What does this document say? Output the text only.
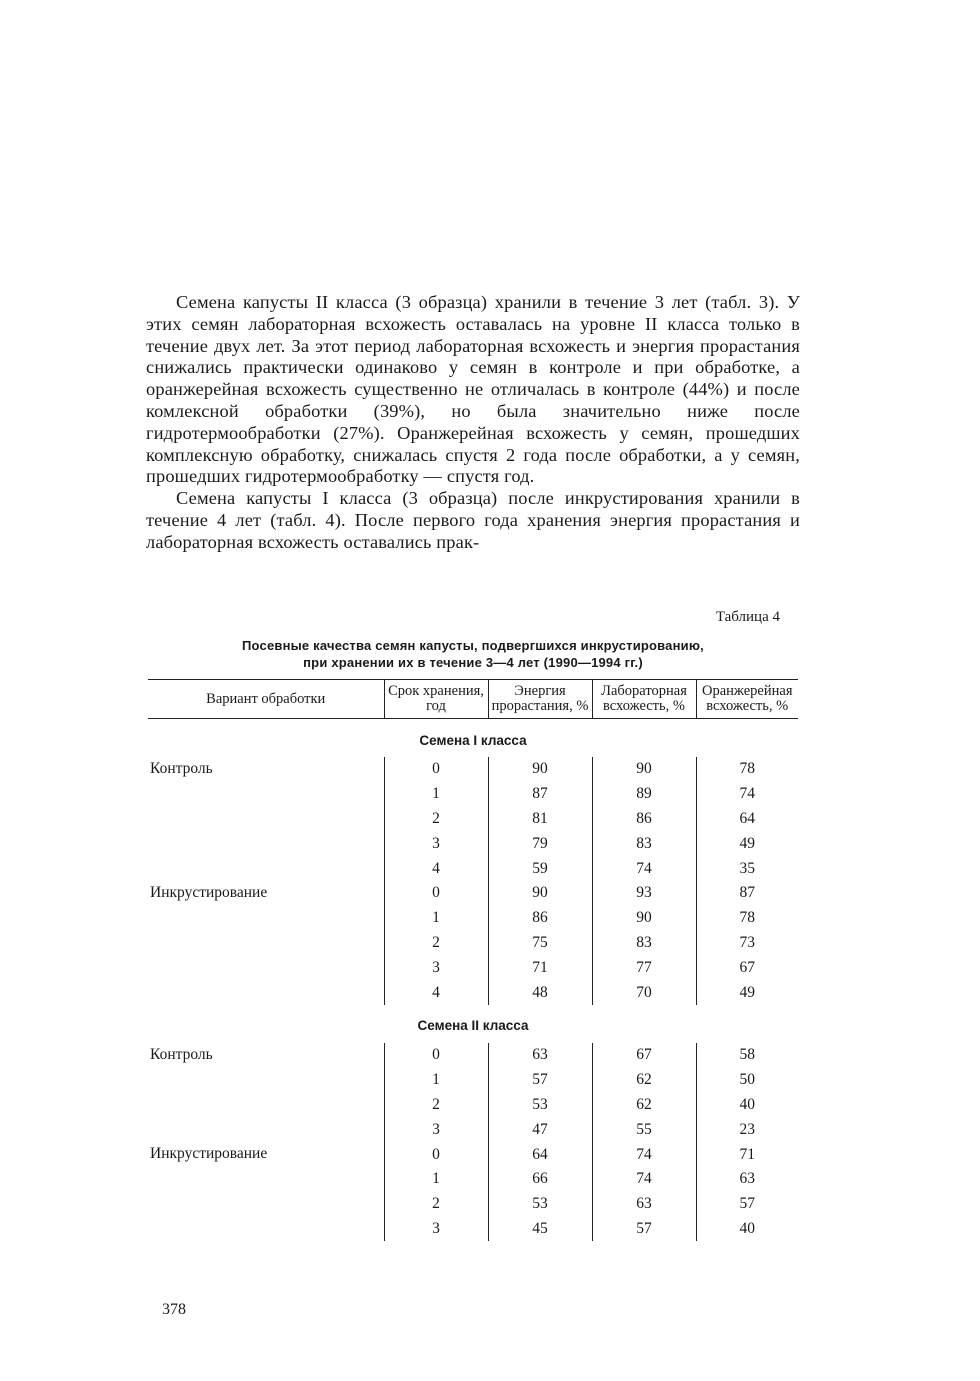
Семена капусты II класса (3 образца) хранили в течение 3 лет (табл. 3). У этих семян лабораторная всхожесть оставалась на уровне II класса только в течение двух лет. За этот период лабораторная всхожесть и энергия прорастания снижались практически одинаково у семян в контроле и при обработке, а оранжерейная всхожесть существенно не отличалась в контроле (44%) и после комлексной обработки (39%), но была значительно ниже после гидротермообработки (27%). Оранжерейная всхожесть у семян, прошедших комплексную обработку, снижалась спустя 2 года после обработки, а у семян, прошедших гидротермообработку — спустя год.

Семена капусты I класса (3 образца) после инкрустирования хранили в течение 4 лет (табл. 4). После первого года хранения энергия прорастания и лабораторная всхожесть оставались прак-

Таблица 4
Посевные качества семян капусты, подвергшихся инкрустированию,
при хранении их в течение 3—4 лет (1990—1994 гг.)
Вариант обработки	Срок хранения, год	Энергия прорастания, %	Лабораторная всхожесть, %	Оранжерейная всхожесть, %
Семена I класса				
Контроль	0	90	90	78
	1	87	89	74
	2	81	86	64
	3	79	83	49
	4	59	74	35
Инкрустирование	0	90	93	87
	1	86	90	78
	2	75	83	73
	3	71	77	67
	4	48	70	49
Семена II класса				
Контроль	0	63	67	58
	1	57	62	50
	2	53	62	40
	3	47	55	23
Инкрустирование	0	64	74	71
	1	66	74	63
	2	53	63	57
	3	45	57	40
378
